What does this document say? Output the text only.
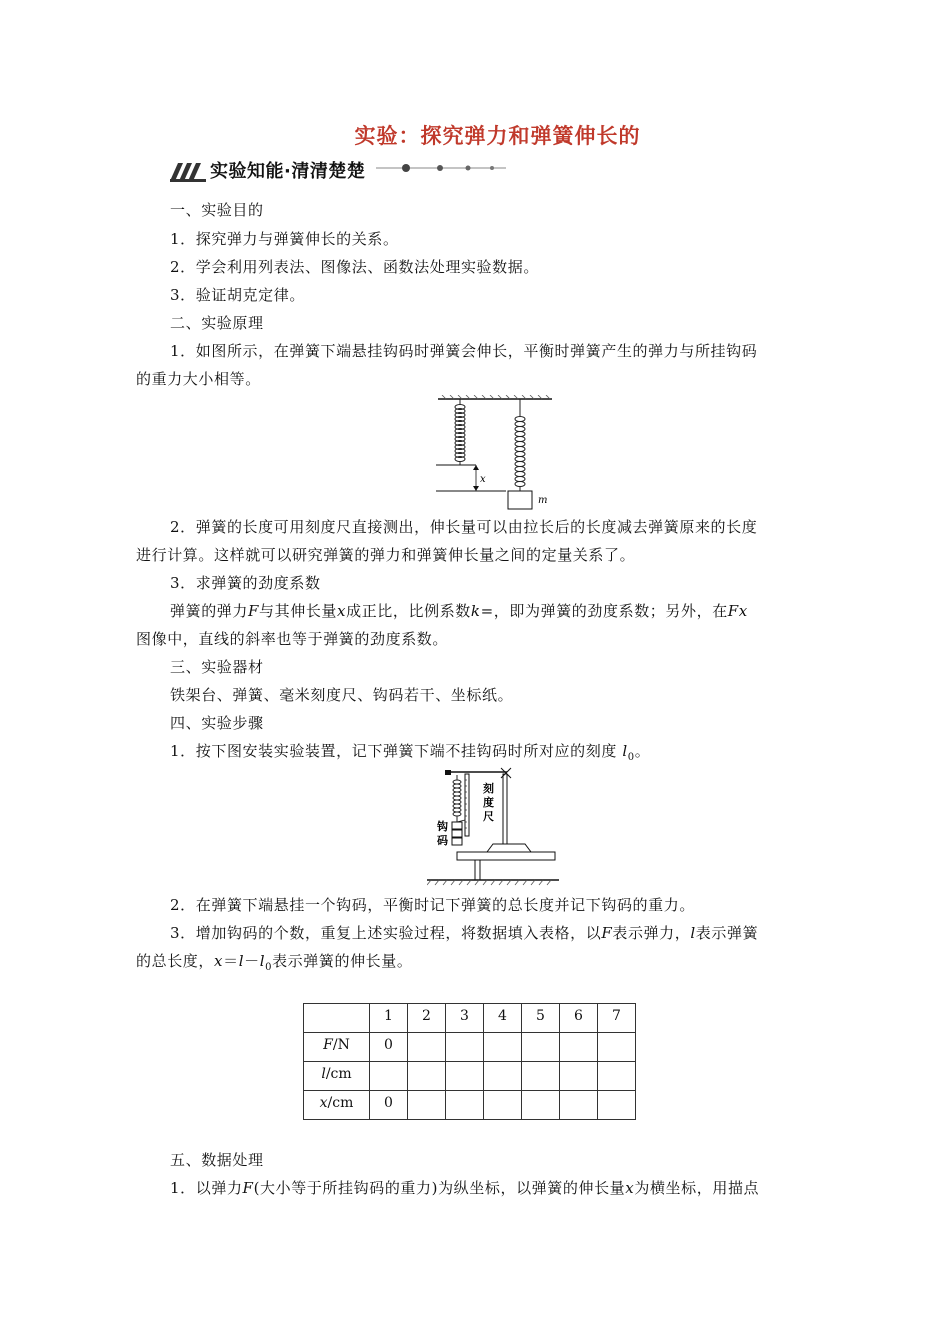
实验：探究弹力和弹簧伸长的
实验知能·清清楚楚
一、实验目的
1．探究弹力与弹簧伸长的关系。
2．学会利用列表法、图像法、函数法处理实验数据。
3．验证胡克定律。
二、实验原理
1．如图所示，在弹簧下端悬挂钩码时弹簧会伸长，平衡时弹簧产生的弹力与所挂钩码
的重力大小相等。
x
m
2．弹簧的长度可用刻度尺直接测出，伸长量可以由拉长后的长度减去弹簧原来的长度
进行计算。这样就可以研究弹簧的弹力和弹簧伸长量之间的定量关系了。
3．求弹簧的劲度系数
弹簧的弹力F与其伸长量x成正比，比例系数k=，即为弹簧的劲度系数；另外，在Fx
图像中，直线的斜率也等于弹簧的劲度系数。
三、实验器材
铁架台、弹簧、毫米刻度尺、钩码若干、坐标纸。
四、实验步骤
1．按下图安装实验装置，记下弹簧下端不挂钩码时所对应的刻度 $l_0$。
刻
度
尺
钩
码
2．在弹簧下端悬挂一个钩码，平衡时记下弹簧的总长度并记下钩码的重力。
3．增加钩码的个数，重复上述实验过程，将数据填入表格，以F表示弹力，l表示弹簧
的总长度，$x=l-l_0$表示弹簧的伸长量。
	1	2	3	4	5	6	7
F/N	0						
l/cm							
x/cm	0						
五、数据处理
1．以弹力F(大小等于所挂钩码的重力)为纵坐标，以弹簧的伸长量x为横坐标，用描点
